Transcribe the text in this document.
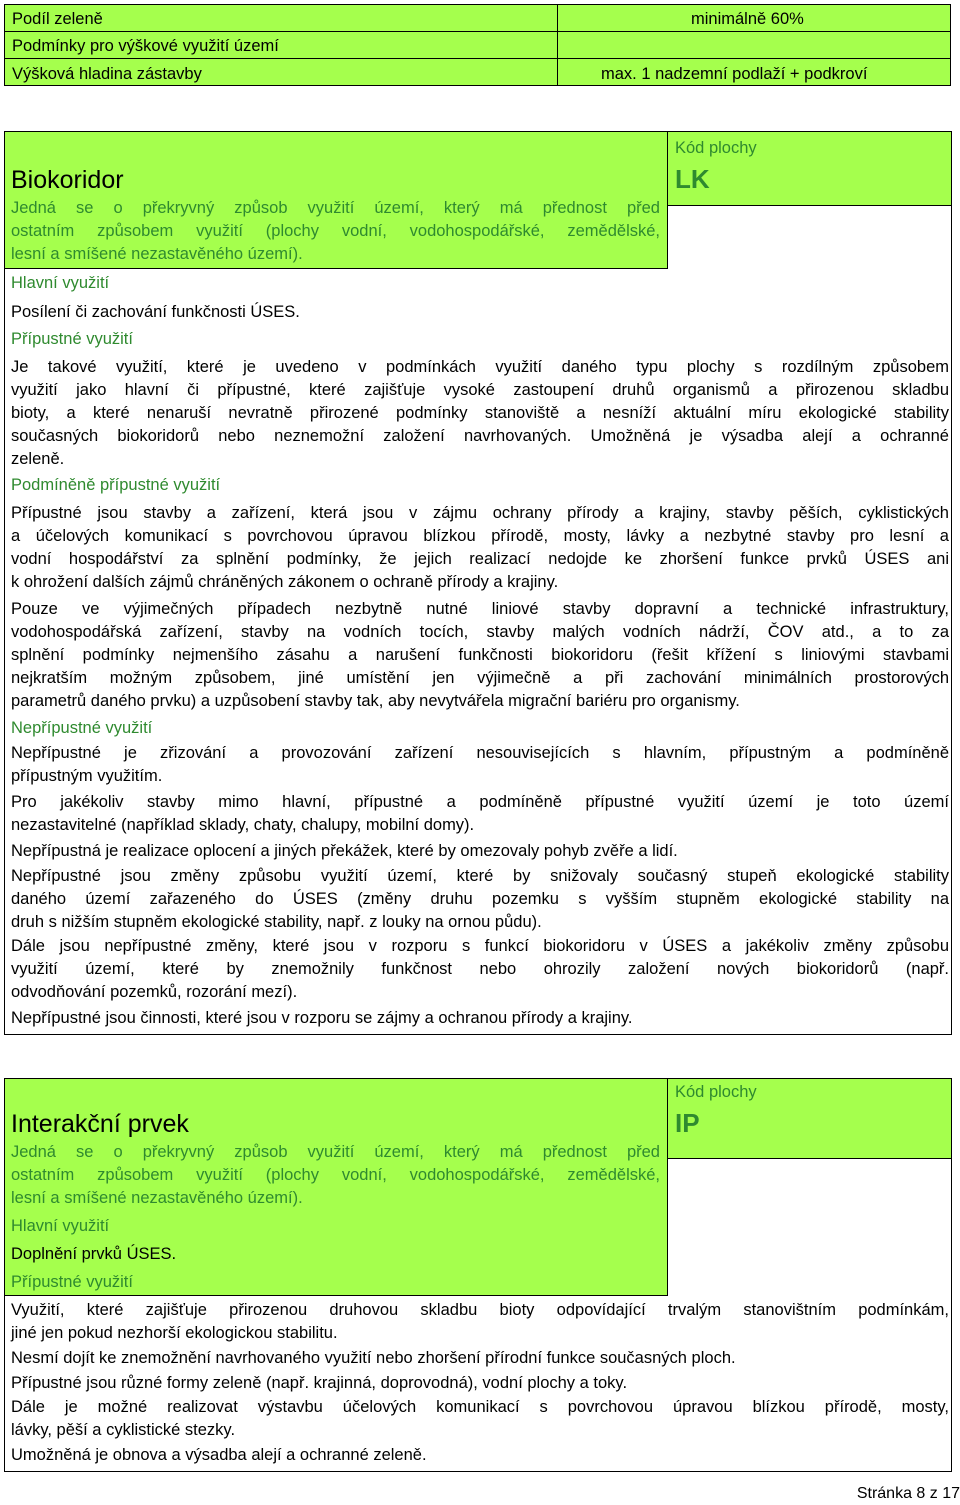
Podíl zeleně	minimálně 60%
Podmínky pro výškové využití území
Výšková hladina zástavby	max. 1 nadzemní podlaží + podkroví
Kód plochy
LK
Biokoridor
Jedná se o překryvný způsob využití území, který má přednost před
ostatním způsobem využití (plochy vodní, vodohospodářské, zemědělské,
lesní a smíšené nezastavěného území).
Hlavní využití
Posílení či zachování funkčnosti ÚSES.
Přípustné využití
Je takové využití, které je uvedeno v podmínkách využití daného typu plochy s rozdílným způsobem
využití jako hlavní či přípustné, které zajišťuje vysoké zastoupení druhů organismů a přirozenou skladbu
bioty, a které nenaruší nevratně přirozené podmínky stanoviště a nesníží aktuální míru ekologické stability
současných biokoridorů nebo neznemožní založení navrhovaných. Umožněná je výsadba alejí a ochranné
zeleně.
Podmíněně přípustné využití
Přípustné jsou stavby a zařízení, která jsou v zájmu ochrany přírody a krajiny, stavby pěších, cyklistických
a účelových komunikací s povrchovou úpravou blízkou přírodě, mosty, lávky a nezbytné stavby pro lesní a
vodní hospodářství za splnění podmínky, že jejich realizací nedojde ke zhoršení funkce prvků ÚSES ani
k ohrožení dalších zájmů chráněných zákonem o ochraně přírody a krajiny.
Pouze ve výjimečných případech nezbytně nutné liniové stavby dopravní a technické infrastruktury,
vodohospodářská zařízení, stavby na vodních tocích, stavby malých vodních nádrží, ČOV atd., a to za
splnění podmínky nejmenšího zásahu a narušení funkčnosti biokoridoru (řešit křížení s liniovými stavbami
nejkratším možným způsobem, jiné umístění jen výjimečně a při zachování minimálních prostorových
parametrů daného prvku) a uzpůsobení stavby tak, aby nevytvářela migrační bariéru pro organismy.
Nepřípustné využití
Nepřípustné je zřizování a provozování zařízení nesouvisejících s hlavním, přípustným a podmíněně
přípustným využitím.
Pro jakékoliv stavby mimo hlavní, přípustné a podmíněně přípustné využití území je toto území
nezastavitelné (například sklady, chaty, chalupy, mobilní domy).
Nepřípustná je realizace oplocení a jiných překážek, které by omezovaly pohyb zvěře a lidí.
Nepřípustné jsou změny způsobu využití území, které by snižovaly současný stupeň ekologické stability
daného území zařazeného do ÚSES (změny druhu pozemku s vyšším stupněm ekologické stability na
druh s nižším stupněm ekologické stability, např. z louky na ornou půdu).
Dále jsou nepřípustné změny, které jsou v rozporu s funkcí biokoridoru v ÚSES a jakékoliv změny způsobu
využití území, které by znemožnily funkčnost nebo ohrozily založení nových biokoridorů (např.
odvodňování pozemků, rozorání mezí).
Nepřípustné jsou činnosti, které jsou v rozporu se zájmy a ochranou přírody a krajiny.
Kód plochy
IP
Interakční prvek
Jedná se o překryvný způsob využití území, který má přednost před
ostatním způsobem využití (plochy vodní, vodohospodářské, zemědělské,
lesní a smíšené nezastavěného území).
Hlavní využití
Doplnění prvků ÚSES.
Přípustné využití
Využití, které zajišťuje přirozenou druhovou skladbu bioty odpovídající trvalým stanovištním podmínkám,
jiné jen pokud nezhorší ekologickou stabilitu.
Nesmí dojít ke znemožnění navrhovaného využití nebo zhoršení přírodní funkce současných ploch.
Přípustné jsou různé formy zeleně (např. krajinná, doprovodná), vodní plochy a toky.
Dále je možné realizovat výstavbu účelových komunikací s povrchovou úpravou blízkou přírodě, mosty,
lávky, pěší a cyklistické stezky.
Umožněná je obnova a výsadba alejí a ochranné zeleně.
Stránka 8 z 17
